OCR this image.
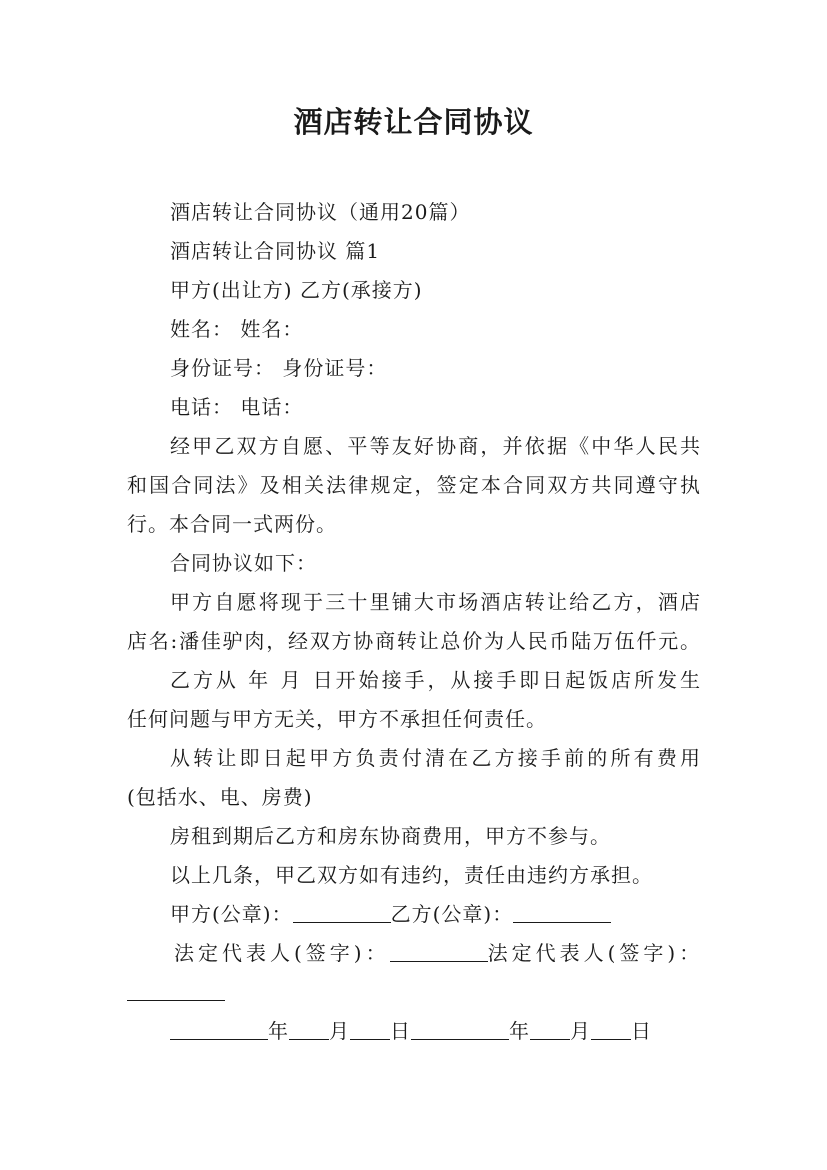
酒店转让合同协议
酒店转让合同协议（通用20篇）
酒店转让合同协议 篇1
甲方(出让方) 乙方(承接方)
姓名： 姓名：
身份证号： 身份证号：
电话： 电话：
经甲乙双方自愿、平等友好协商，并依据《中华人民共
和国合同法》及相关法律规定，签定本合同双方共同遵守执
行。本合同一式两份。
合同协议如下：
甲方自愿将现于三十里铺大市场酒店转让给乙方，酒店
店名:潘佳驴肉，经双方协商转让总价为人民币陆万伍仟元。
乙方从 年 月 日开始接手，从接手即日起饭店所发生
任何问题与甲方无关，甲方不承担任何责任。
从转让即日起甲方负责付清在乙方接手前的所有费用
(包括水、电、房费)
房租到期后乙方和房东协商费用，甲方不参与。
以上几条，甲乙双方如有违约，责任由违约方承担。
甲方(公章)：	乙方(公章)：
法定代表人(签字)：	法定代表人(签字)：
年 月 日	年 月 日
